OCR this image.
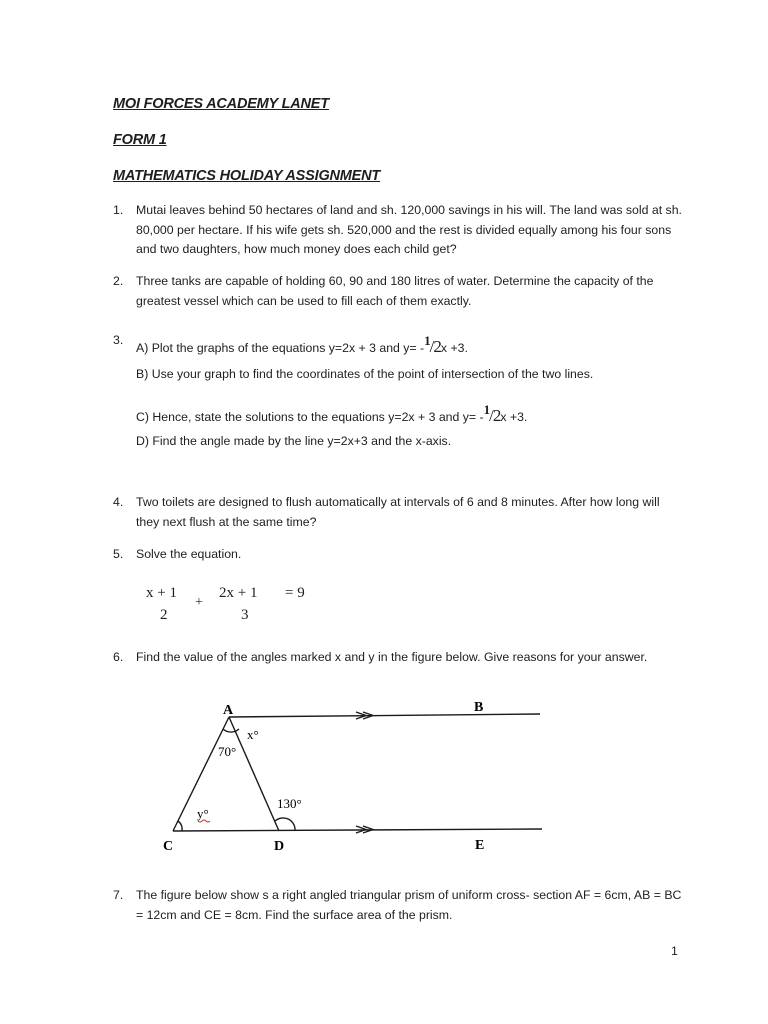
MOI FORCES ACADEMY LANET
FORM 1
MATHEMATICS HOLIDAY ASSIGNMENT
1. Mutai leaves behind 50 hectares of land and sh. 120,000 savings in his will. The land was sold at sh. 80,000 per hectare. If his wife gets sh. 520,000 and the rest is divided equally among his four sons and two daughters, how much money does each child get?
2. Three tanks are capable of holding 60, 90 and 180 litres of water. Determine the capacity of the greatest vessel which can be used to fill each of them exactly.
3.
A) Plot the graphs of the equations y=2x + 3 and y= -$^1$/2x +3.
B) Use your graph to find the coordinates of the point of intersection of the two lines.
C) Hence, state the solutions to the equations y=2x + 3 and y= -$^1$/2x +3.
D) Find the angle made by the line y=2x+3 and the x-axis.
4. Two toilets are designed to flush automatically at intervals of 6 and 8 minutes. After how long will they next flush at the same time?
5. Solve the equation.
x + 1
2
+
2x + 1
3
= 9
6. Find the value of the angles marked x and y in the figure below. Give reasons for your answer.
A	B
C	D	E
x°
70°
y°
130°
7. The figure below show s a right angled triangular prism of uniform cross- section AF = 6cm, AB = BC = 12cm and CE = 8cm. Find the surface area of the prism.
1
